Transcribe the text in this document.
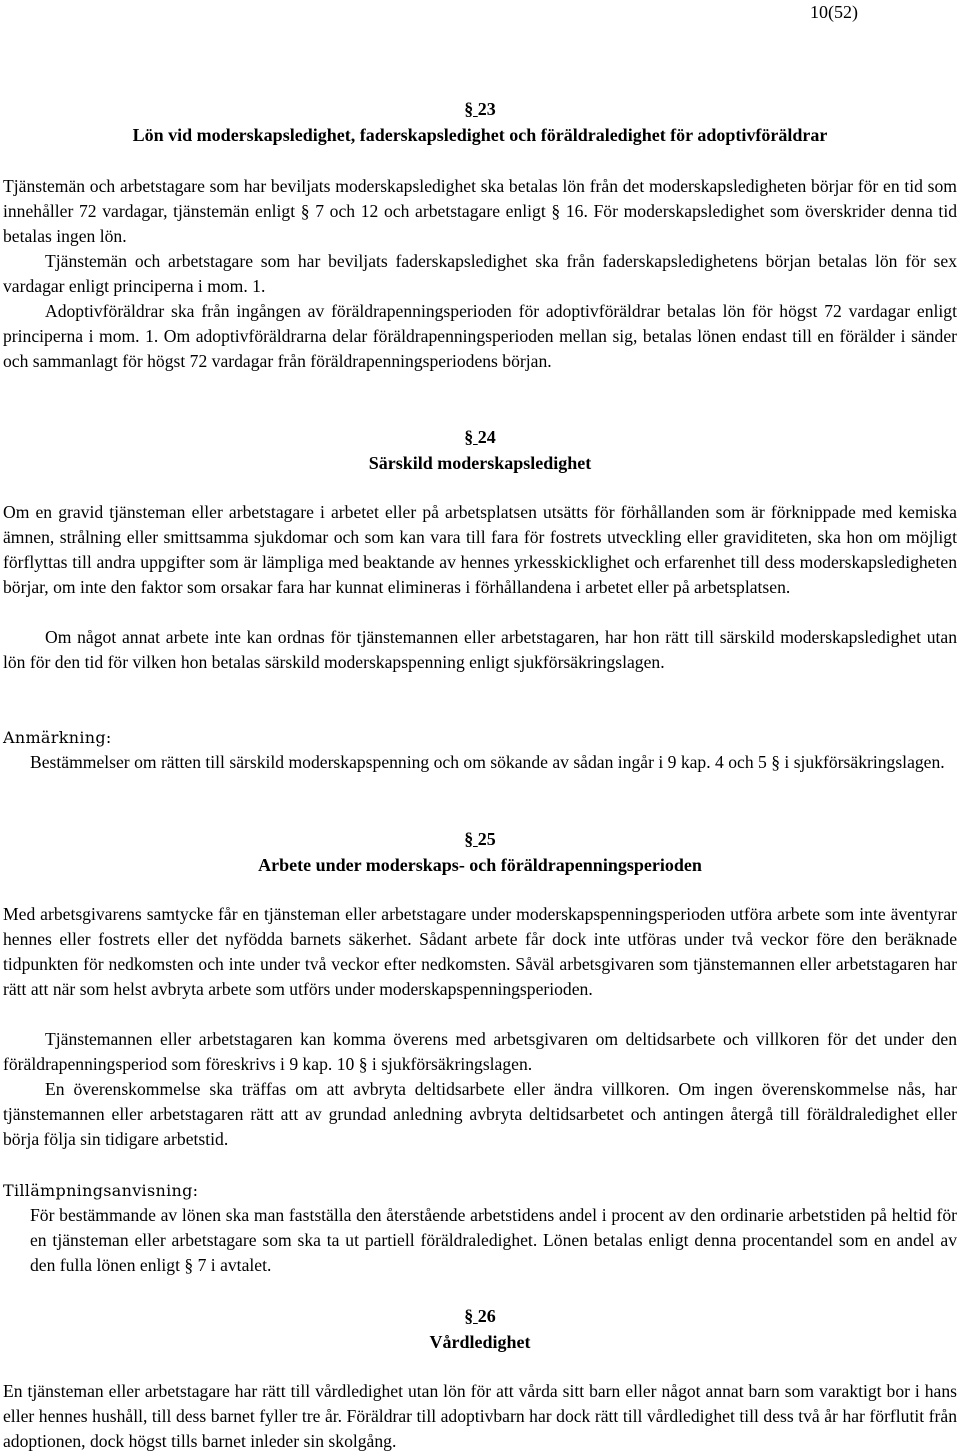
10(52)
§ 23
Lön vid moderskapsledighet, faderskapsledighet och föräldraledighet för adoptivföräldrar

Tjänstemän och arbetstagare som har beviljats moderskapsledighet ska betalas lön från det moderskapsledigheten börjar för en tid som innehåller 72 vardagar, tjänstemän enligt § 7 och 12 och arbetstagare enligt § 16. För moderskapsledighet som överskrider denna tid betalas ingen lön.

Tjänstemän och arbetstagare som har beviljats faderskapsledighet ska från faderskapsledighetens början betalas lön för sex vardagar enligt principerna i mom. 1.

Adoptivföräldrar ska från ingången av föräldrapenningsperioden för adoptivföräldrar betalas lön för högst 72 vardagar enligt principerna i mom. 1. Om adoptivföräldrarna delar föräldrapenningsperioden mellan sig, betalas lönen endast till en förälder i sänder och sammanlagt för högst 72 vardagar från föräldrapenningsperiodens början.

§ 24
Särskild moderskapsledighet

Om en gravid tjänsteman eller arbetstagare i arbetet eller på arbetsplatsen utsätts för förhållanden som är förknippade med kemiska ämnen, strålning eller smittsamma sjukdomar och som kan vara till fara för fostrets utveckling eller graviditeten, ska hon om möjligt förflyttas till andra uppgifter som är lämpliga med beaktande av hennes yrkesskicklighet och erfarenhet till dess moderskapsledigheten börjar, om inte den faktor som orsakar fara har kunnat elimineras i förhållandena i arbetet eller på arbetsplatsen.

Om något annat arbete inte kan ordnas för tjänstemannen eller arbetstagaren, har hon rätt till särskild moderskapsledighet utan lön för den tid för vilken hon betalas särskild moderskapspenning enligt sjukförsäkringslagen.

Anmärkning:

Bestämmelser om rätten till särskild moderskapspenning och om sökande av sådan ingår i 9 kap. 4 och 5 § i sjukförsäkringslagen.

§ 25
Arbete under moderskaps- och föräldrapenningsperioden

Med arbetsgivarens samtycke får en tjänsteman eller arbetstagare under moderskapspenningsperioden utföra arbete som inte äventyrar hennes eller fostrets eller det nyfödda barnets säkerhet. Sådant arbete får dock inte utföras under två veckor före den beräknade tidpunkten för nedkomsten och inte under två veckor efter nedkomsten. Såväl arbetsgivaren som tjänstemannen eller arbetstagaren har rätt att när som helst avbryta arbete som utförs under moderskapspenningsperioden.

Tjänstemannen eller arbetstagaren kan komma överens med arbetsgivaren om deltidsarbete och villkoren för det under den föräldrapenningsperiod som föreskrivs i 9 kap. 10 § i sjukförsäkringslagen.

En överenskommelse ska träffas om att avbryta deltidsarbete eller ändra villkoren. Om ingen överenskommelse nås, har tjänstemannen eller arbetstagaren rätt att av grundad anledning avbryta deltidsarbetet och antingen återgå till föräldraledighet eller börja följa sin tidigare arbetstid.

Tillämpningsanvisning:

För bestämmande av lönen ska man fastställa den återstående arbetstidens andel i procent av den ordinarie arbetstiden på heltid för en tjänsteman eller arbetstagare som ska ta ut partiell föräldraledighet. Lönen betalas enligt denna procentandel som en andel av den fulla lönen enligt § 7 i avtalet.

§ 26
Vårdledighet

En tjänsteman eller arbetstagare har rätt till vårdledighet utan lön för att vårda sitt barn eller något annat barn som varaktigt bor i hans eller hennes hushåll, till dess barnet fyller tre år. Föräldrar till adoptivbarn har dock rätt till vårdledighet till dess två år har förflutit från adoptionen, dock högst tills barnet inleder sin skolgång.
